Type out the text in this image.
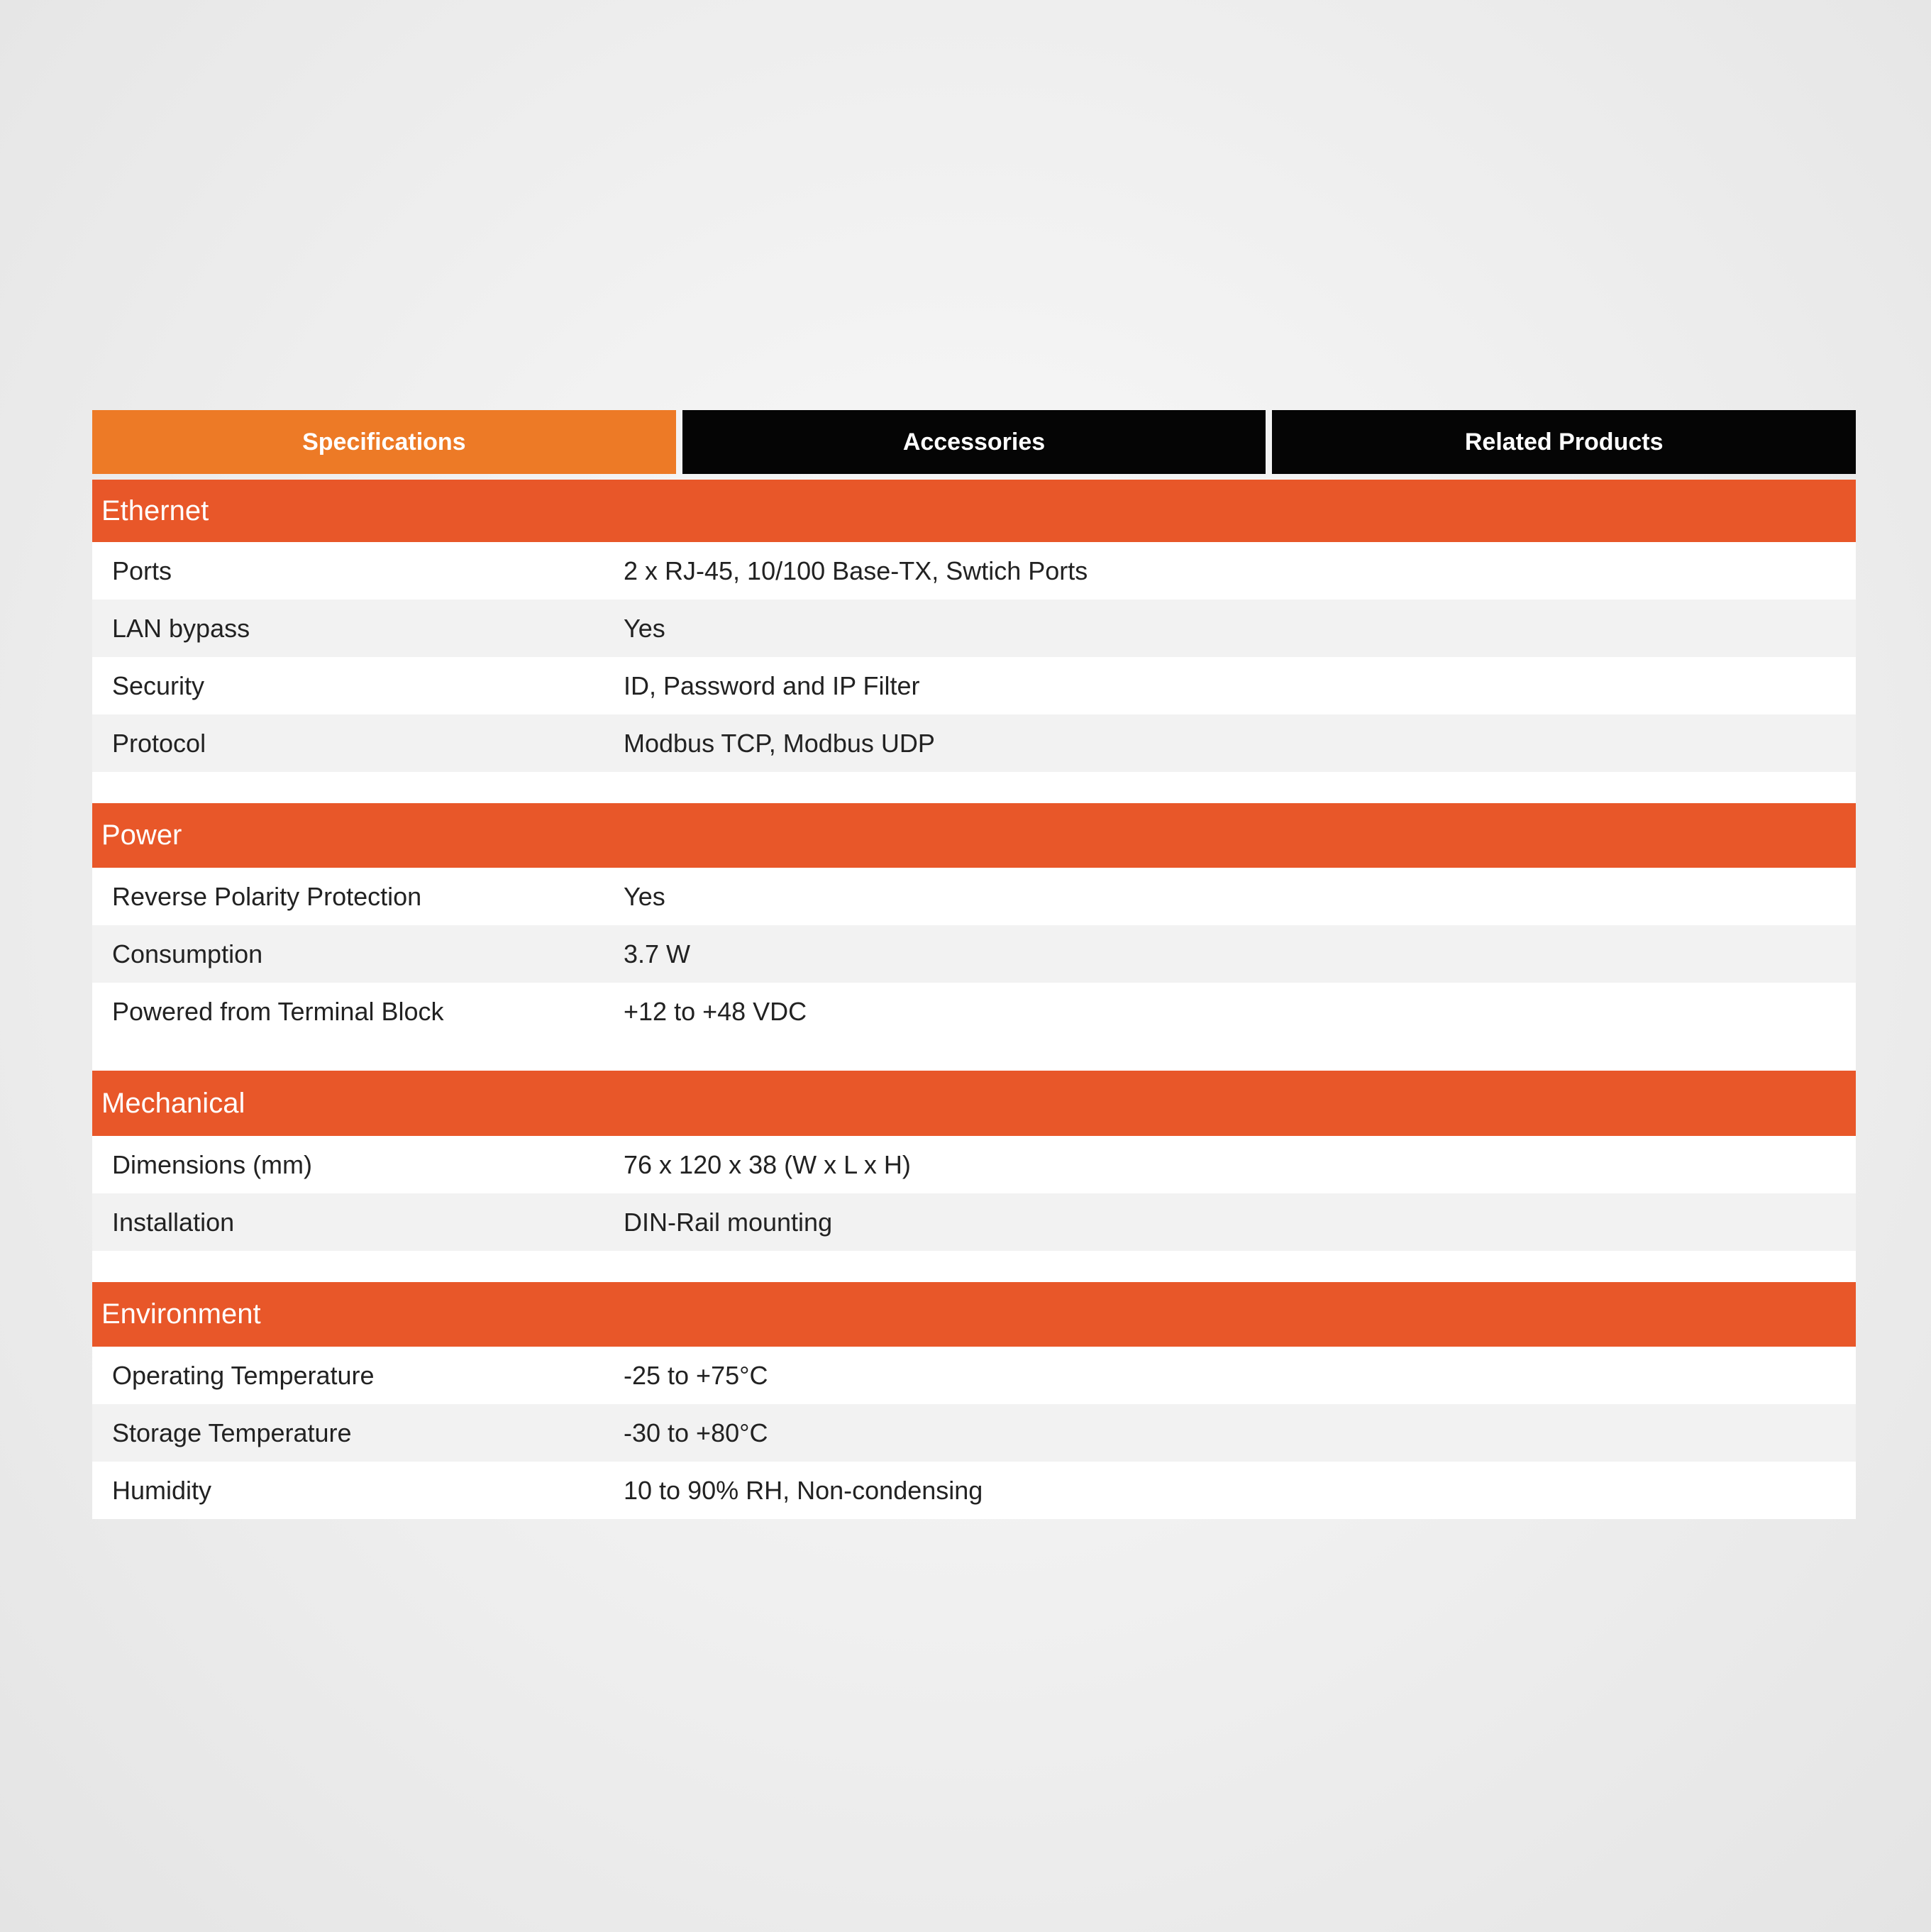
Specifications	Accessories	Related Products
Ethernet
Ports	2 x RJ-45, 10/100 Base-TX, Swtich Ports
LAN bypass	Yes
Security	ID, Password and IP Filter
Protocol	Modbus TCP, Modbus UDP
Power
Reverse Polarity Protection	Yes
Consumption	3.7 W
Powered from Terminal Block	+12 to +48 VDC
Mechanical
Dimensions (mm)	76 x 120 x 38 (W x L x H)
Installation	DIN-Rail mounting
Environment
Operating Temperature	-25 to +75°C
Storage Temperature	-30 to +80°C
Humidity	10 to 90% RH, Non-condensing
